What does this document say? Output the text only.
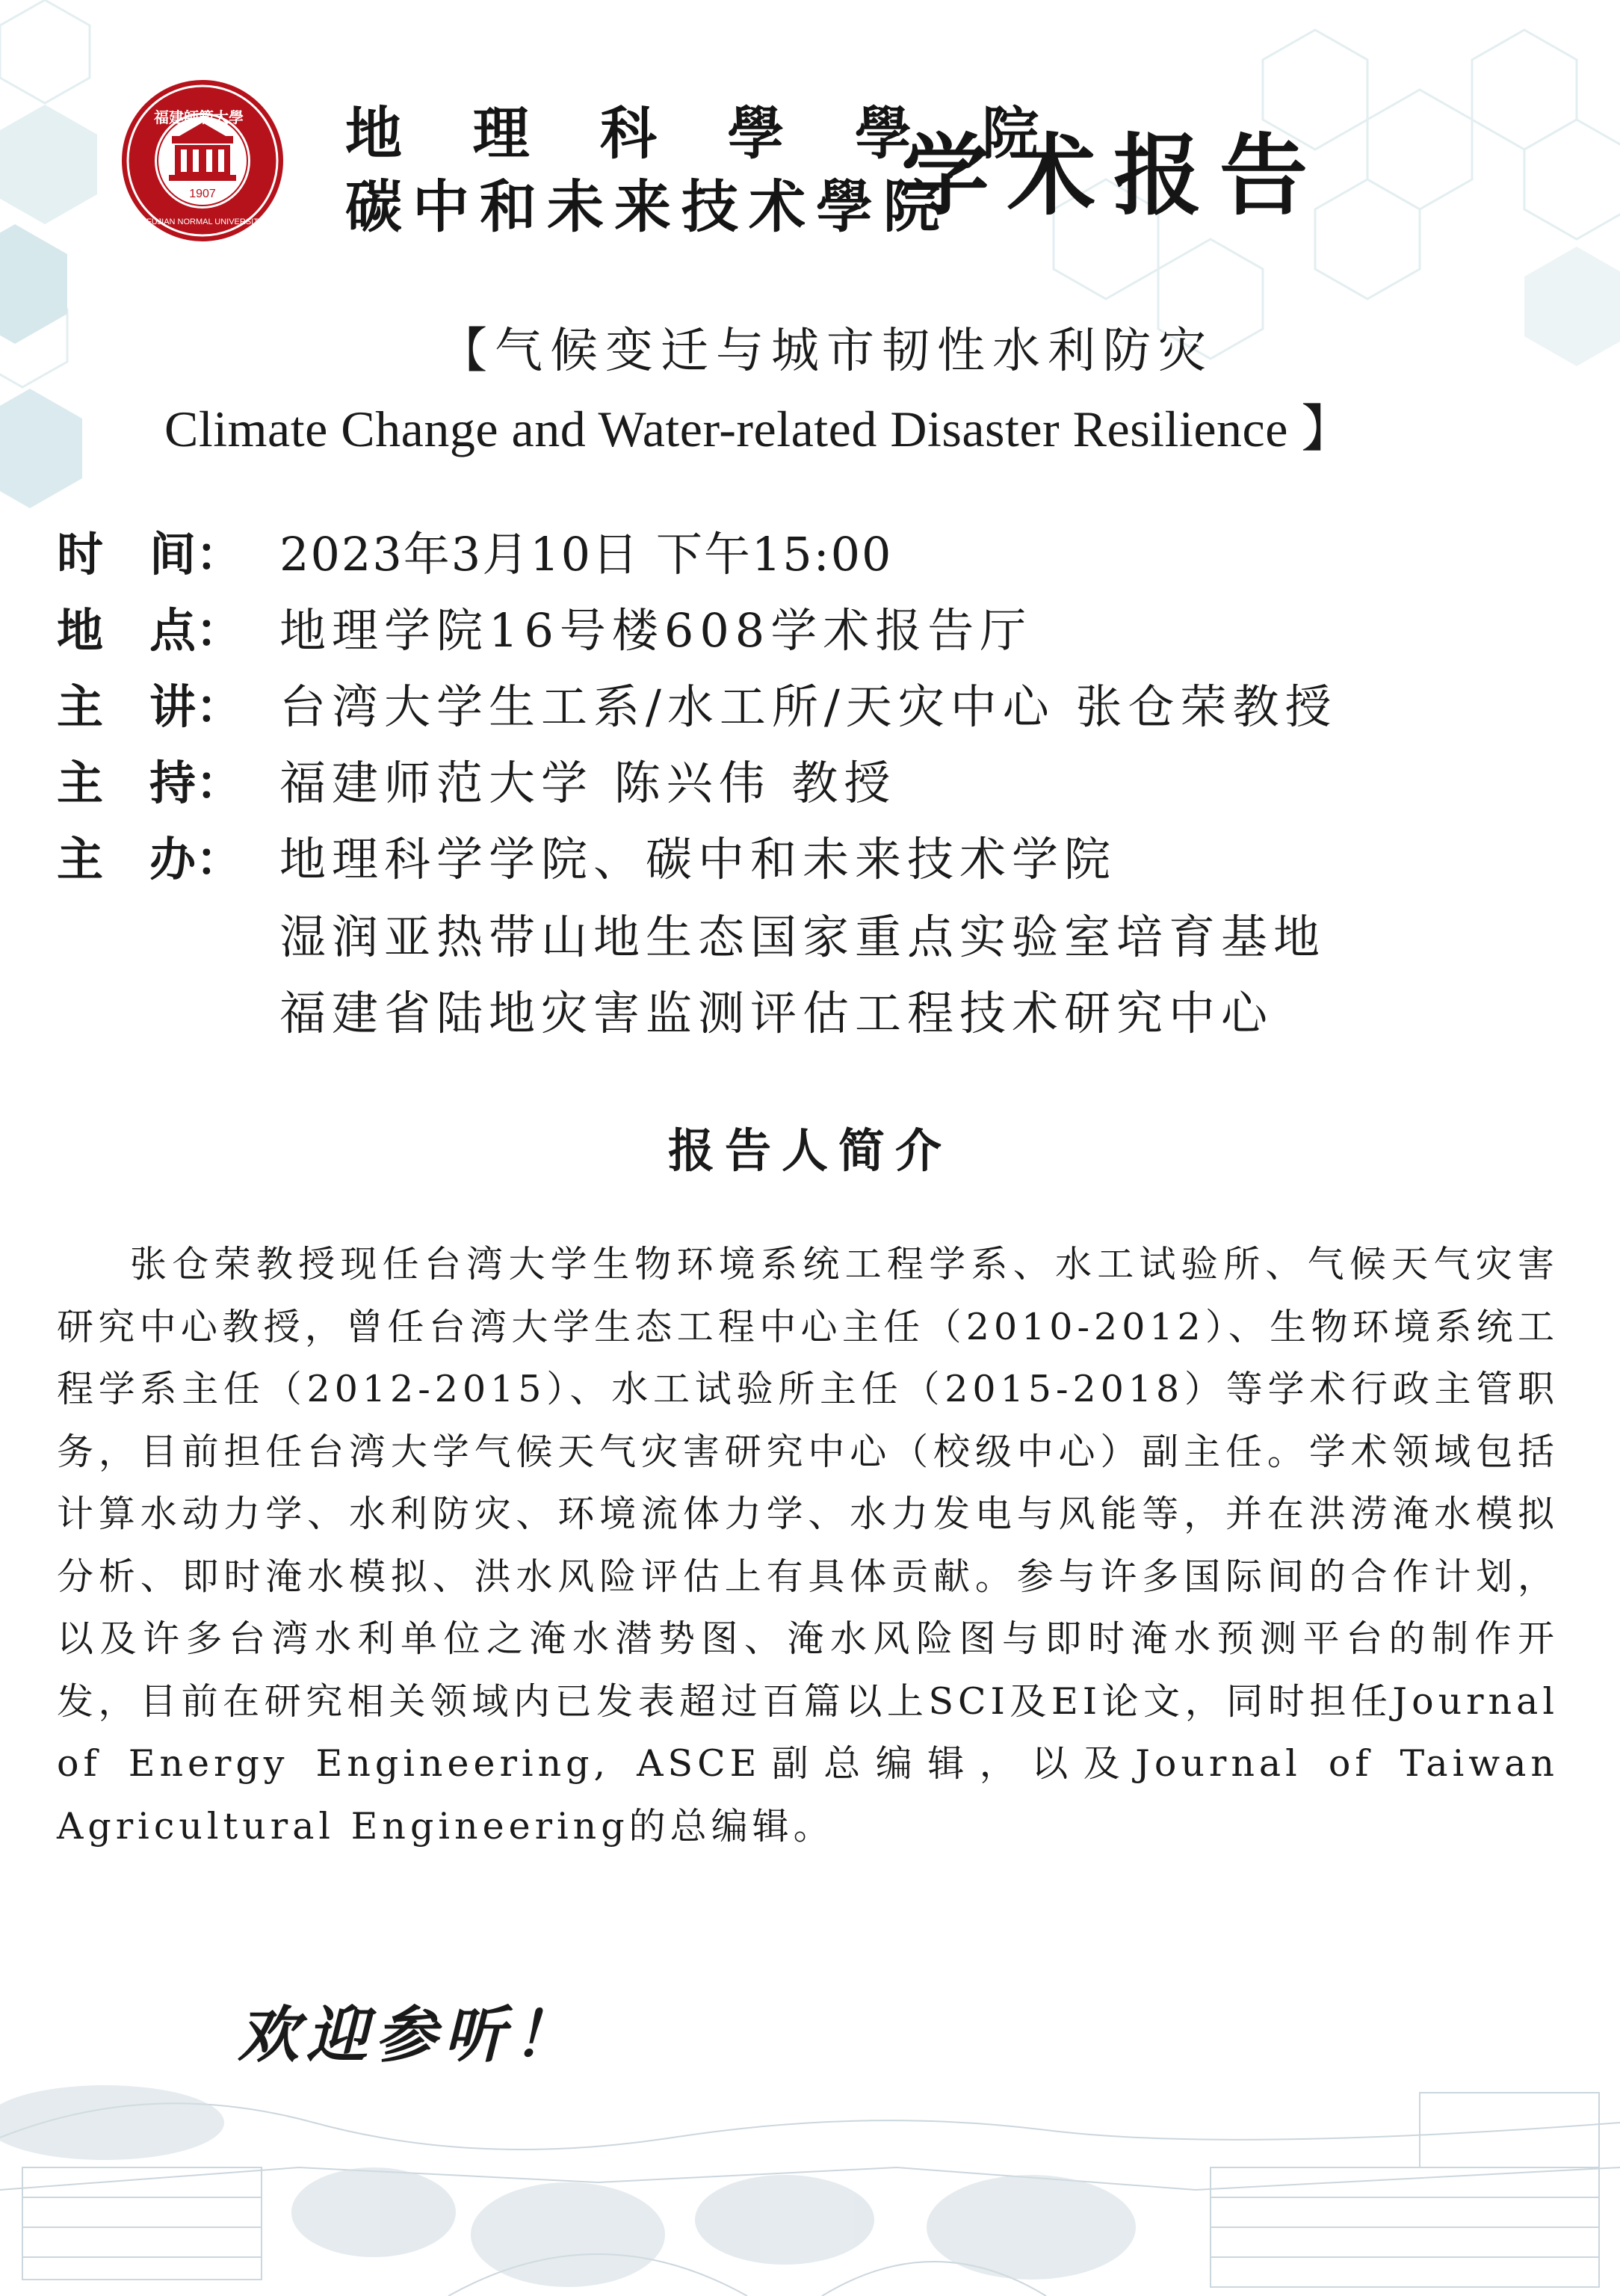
1907
福建師範大學
FUJIAN NORMAL UNIVERSITY
地 理 科 學 學 院
碳中和未来技术學院
学术报告
【气候变迁与城市韧性水利防灾
Climate Change and Water-related Disaster Resilience 】
时　间： 2023年3月10日 下午15:00
地　点： 地理学院16号楼608学术报告厅
主　讲： 台湾大学生工系/水工所/天灾中心 张仓荣教授
主　持： 福建师范大学 陈兴伟 教授
主　办： 地理科学学院、碳中和未来技术学院
湿润亚热带山地生态国家重点实验室培育基地
福建省陆地灾害监测评估工程技术研究中心
报告人简介
张仓荣教授现任台湾大学生物环境系统工程学系、水工试验所、气候天气灾害研究中心教授，曾任台湾大学生态工程中心主任（2010-2012）、生物环境系统工程学系主任（2012-2015）、水工试验所主任（2015-2018）等学术行政主管职务，目前担任台湾大学气候天气灾害研究中心（校级中心）副主任。学术领域包括计算水动力学、水利防灾、环境流体力学、水力发电与风能等，并在洪涝淹水模拟分析、即时淹水模拟、洪水风险评估上有具体贡献。参与许多国际间的合作计划，以及许多台湾水利单位之淹水潜势图、淹水风险图与即时淹水预测平台的制作开发，目前在研究相关领域内已发表超过百篇以上SCI及EI论文，同时担任Journal of Energy Engineering, ASCE副总编辑，以及Journal of Taiwan Agricultural Engineering的总编辑。
欢迎参听！
